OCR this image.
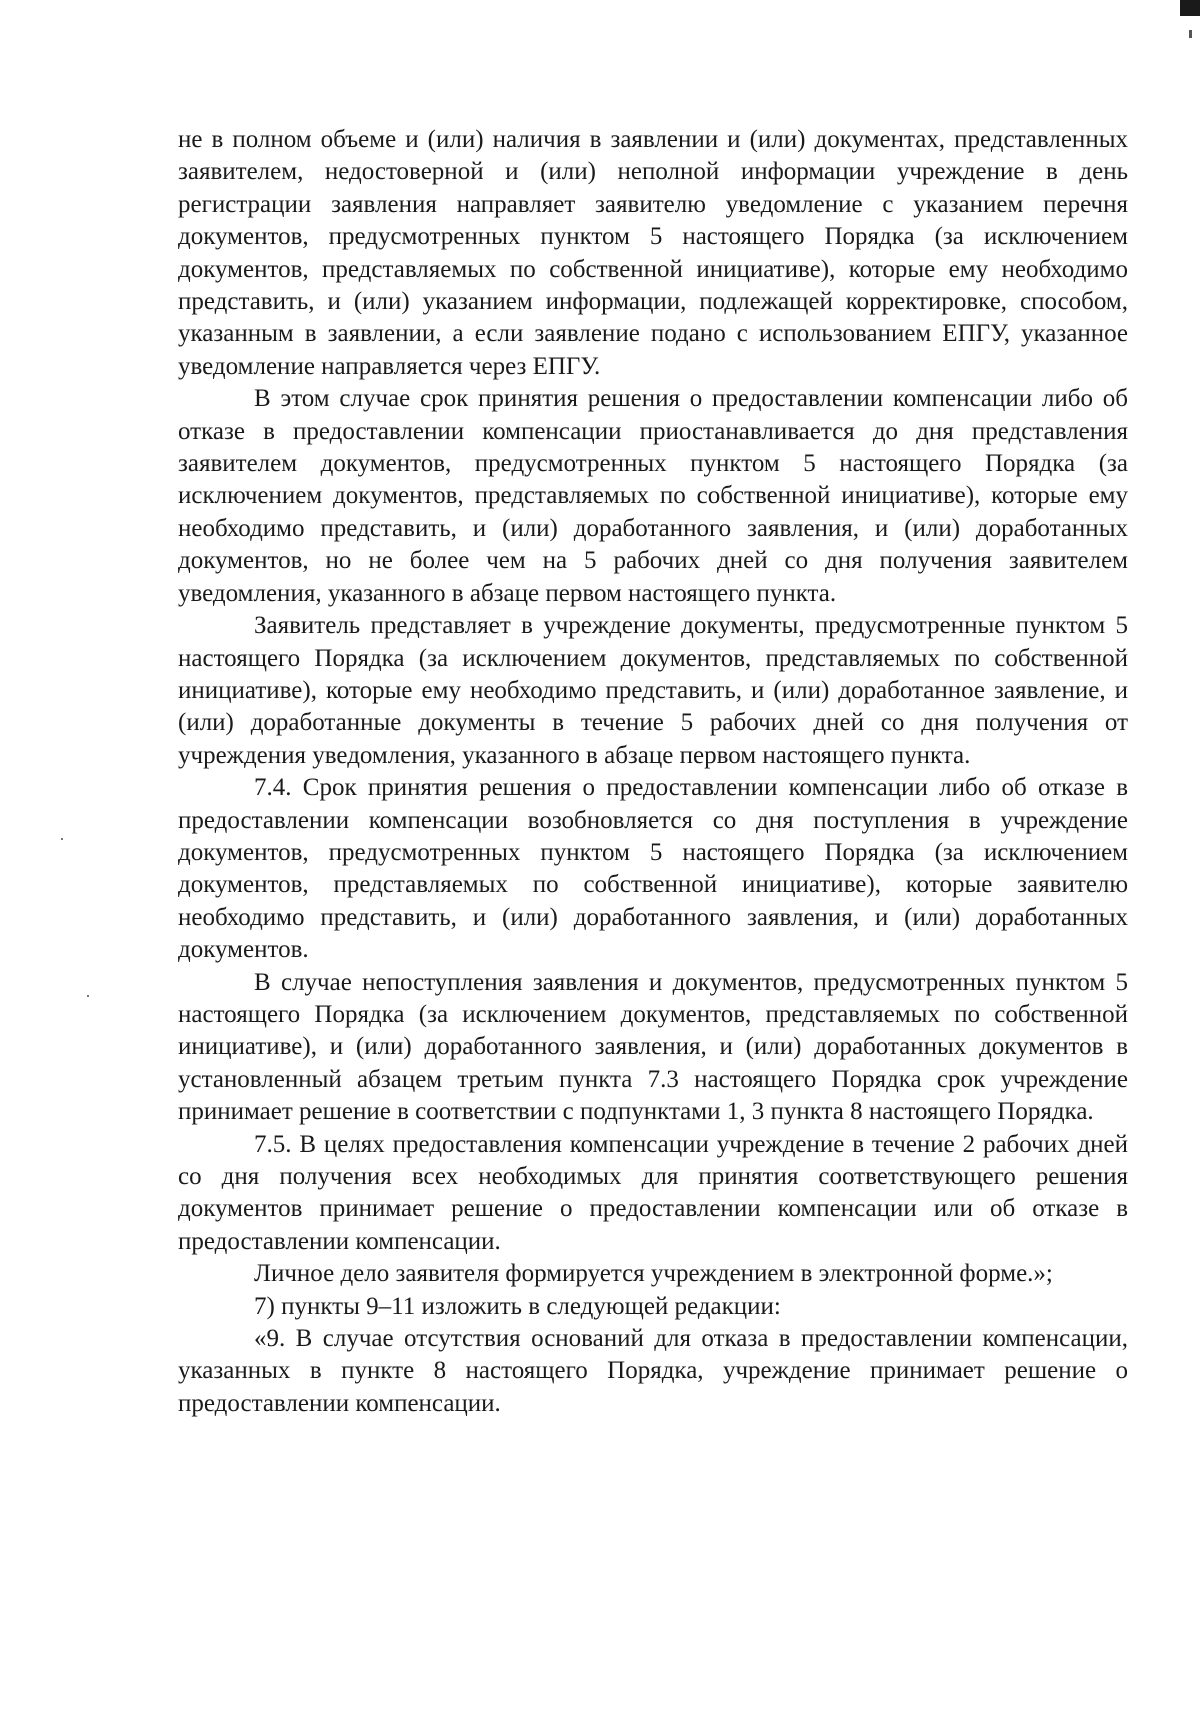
не в полном объеме и (или) наличия в заявлении и (или) документах, представленных заявителем, недостоверной и (или) неполной информации учреждение в день регистрации заявления направляет заявителю уведомление с указанием перечня документов, предусмотренных пунктом 5 настоящего Порядка (за исключением документов, представляемых по собственной инициативе), которые ему необходимо представить, и (или) указанием информации, подлежащей корректировке, способом, указанным в заявлении, а если заявление подано с использованием ЕПГУ, указанное уведомление направляется через ЕПГУ.

В этом случае срок принятия решения о предоставлении компенсации либо об отказе в предоставлении компенсации приостанавливается до дня представления заявителем документов, предусмотренных пунктом 5 настоящего Порядка (за исключением документов, представляемых по собственной инициативе), которые ему необходимо представить, и (или) доработанного заявления, и (или) доработанных документов, но не более чем на 5 рабочих дней со дня получения заявителем уведомления, указанного в абзаце первом настоящего пункта.

Заявитель представляет в учреждение документы, предусмотренные пунктом 5 настоящего Порядка (за исключением документов, представляемых по собственной инициативе), которые ему необходимо представить, и (или) доработанное заявление, и (или) доработанные документы в течение 5 рабочих дней со дня получения от учреждения уведомления, указанного в абзаце первом настоящего пункта.

7.4. Срок принятия решения о предоставлении компенсации либо об отказе в предоставлении компенсации возобновляется со дня поступления в учреждение документов, предусмотренных пунктом 5 настоящего Порядка (за исключением документов, представляемых по собственной инициативе), которые заявителю необходимо представить, и (или) доработанного заявления, и (или) доработанных документов.

В случае непоступления заявления и документов, предусмотренных пунктом 5 настоящего Порядка (за исключением документов, представляемых по собственной инициативе), и (или) доработанного заявления, и (или) доработанных документов в установленный абзацем третьим пункта 7.3 настоящего Порядка срок учреждение принимает решение в соответствии с подпунктами 1, 3 пункта 8 настоящего Порядка.

7.5. В целях предоставления компенсации учреждение в течение 2 рабочих дней со дня получения всех необходимых для принятия соответствующего решения документов принимает решение о предоставлении компенсации или об отказе в предоставлении компенсации.

Личное дело заявителя формируется учреждением в электронной форме.»;

7) пункты 9–11 изложить в следующей редакции:

«9. В случае отсутствия оснований для отказа в предоставлении компенсации, указанных в пункте 8 настоящего Порядка, учреждение принимает решение о предоставлении компенсации.
